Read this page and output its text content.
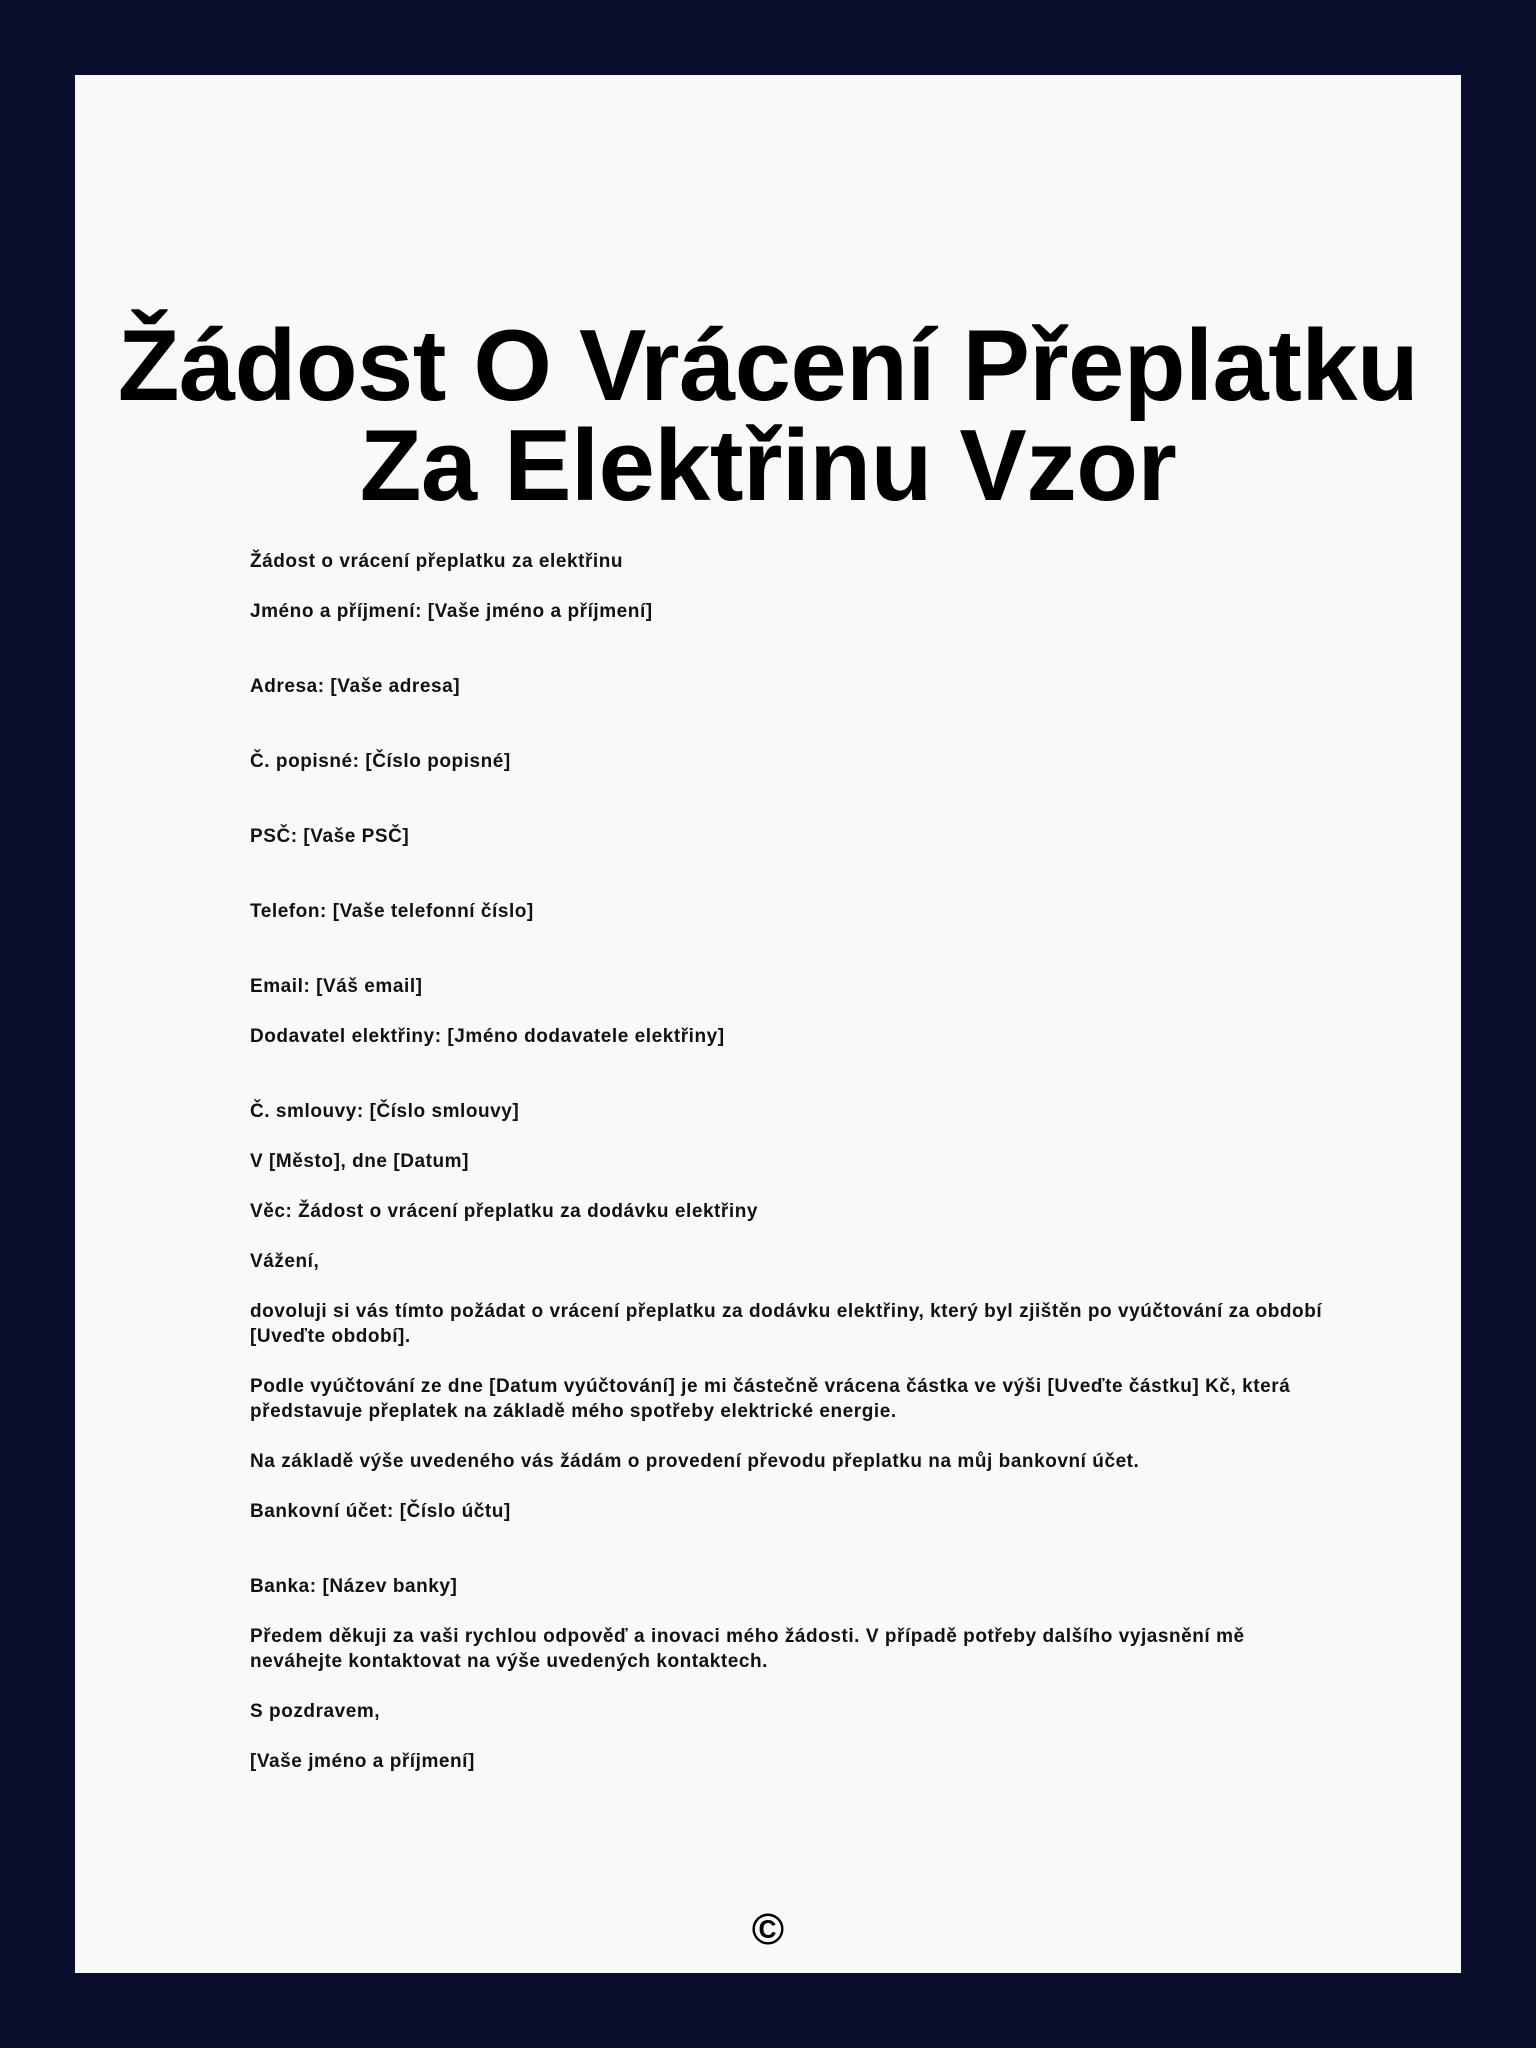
Žádost O Vrácení Přeplatku
Za Elektřinu Vzor

Žádost o vrácení přeplatku za elektřinu

Jméno a příjmení: [Vaše jméno a příjmení]

Adresa: [Vaše adresa]

Č. popisné: [Číslo popisné]

PSČ: [Vaše PSČ]

Telefon: [Vaše telefonní číslo]

Email: [Váš email]

Dodavatel elektřiny: [Jméno dodavatele elektřiny]

Č. smlouvy: [Číslo smlouvy]

V [Město], dne [Datum]

Věc: Žádost o vrácení přeplatku za dodávku elektřiny

Vážení,

dovoluji si vás tímto požádat o vrácení přeplatku za dodávku elektřiny, který byl zjištěn po vyúčtování za období [Uveďte období].

Podle vyúčtování ze dne [Datum vyúčtování] je mi částečně vrácena částka ve výši [Uveďte částku] Kč, která představuje přeplatek na základě mého spotřeby elektrické energie.

Na základě výše uvedeného vás žádám o provedení převodu přeplatku na můj bankovní účet.

Bankovní účet: [Číslo účtu]

Banka: [Název banky]

Předem děkuji za vaši rychlou odpověď a inovaci mého žádosti. V případě potřeby dalšího vyjasnění mě neváhejte kontaktovat na výše uvedených kontaktech.

S pozdravem,

[Vaše jméno a příjmení]

©
